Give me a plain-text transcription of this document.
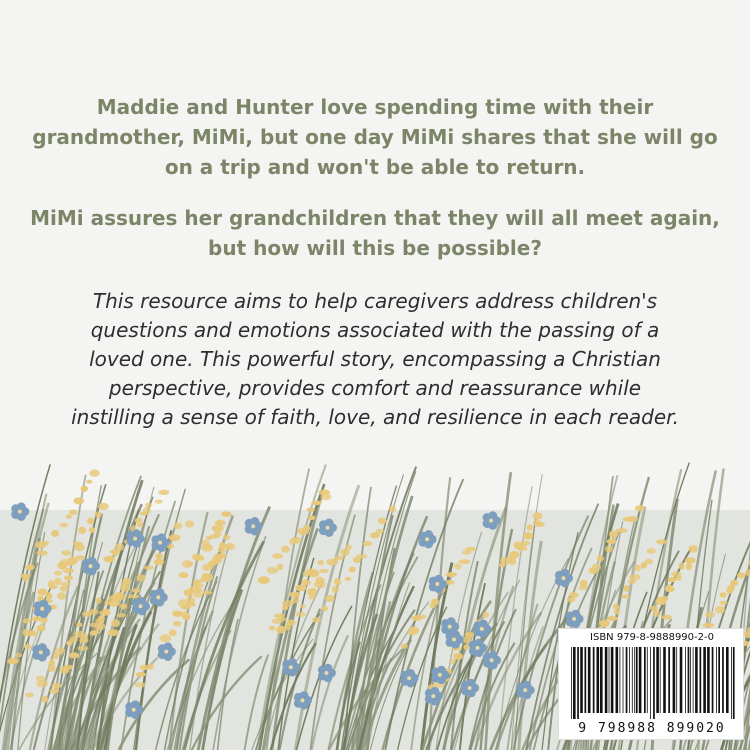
Maddie and Hunter love spending time with their
grandmother, MiMi, but one day MiMi shares that she will go
on a trip and won't be able to return.
MiMi assures her grandchildren that they will all meet again,
but how will this be possible?
This resource aims to help caregivers address children's
questions and emotions associated with the passing of a
loved one. This powerful story, encompassing a Christian
perspective, provides comfort and reassurance while
instilling a sense of faith, love, and resilience in each reader.
ISBN 979-8-9888990-2-0
9 798988 899020
